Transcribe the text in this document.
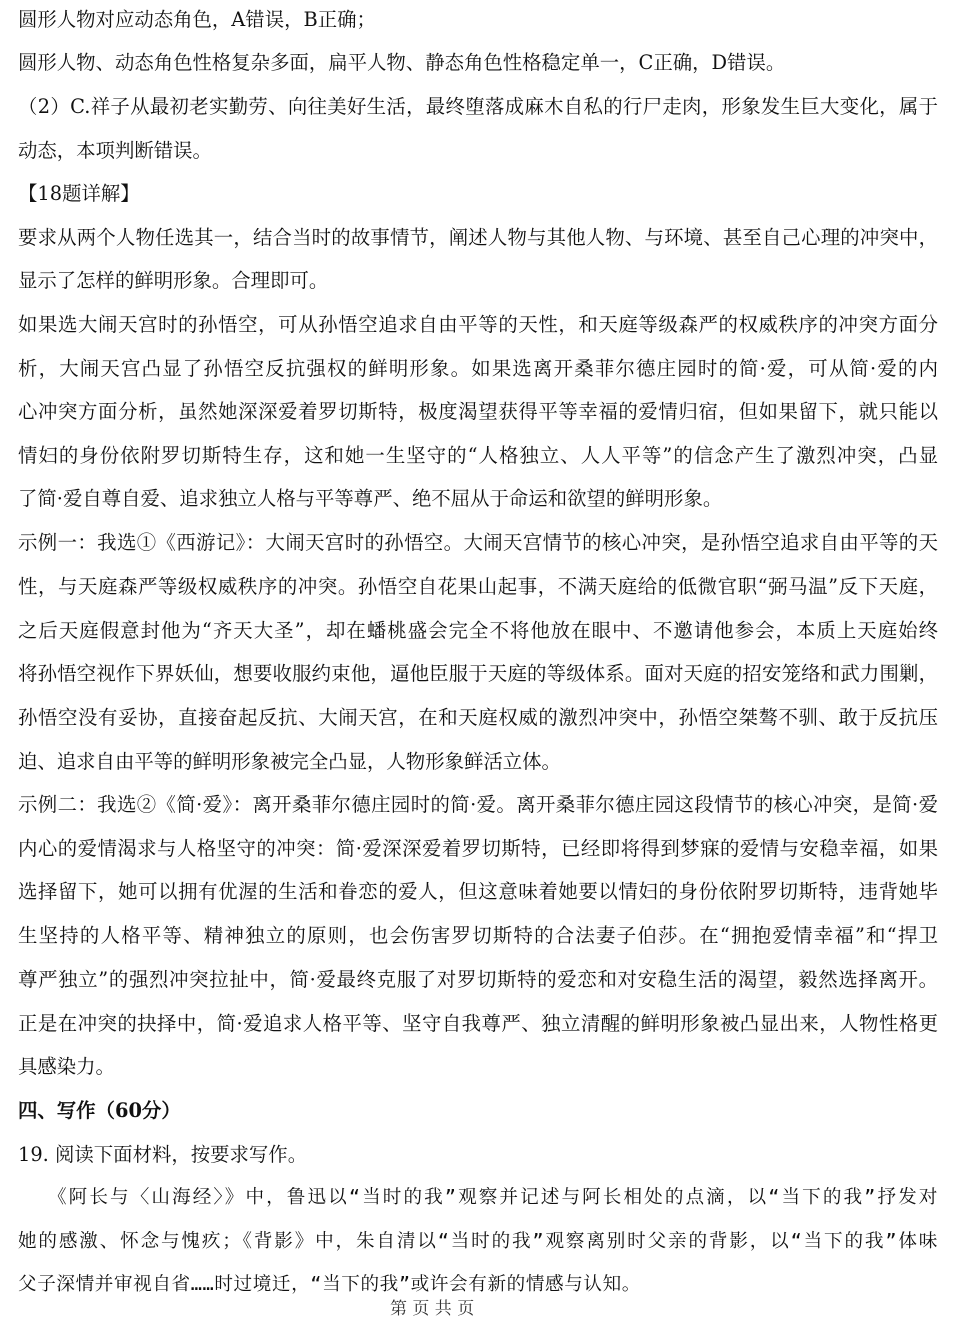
圆形人物对应动态角色，A错误，B正确；
圆形人物、动态角色性格复杂多面，扁平人物、静态角色性格稳定单一，C正确，D错误。
（2）C.祥子从最初老实勤劳、向往美好生活，最终堕落成麻木自私的行尸走肉，形象发生巨大变化，属于
动态，本项判断错误。
【18题详解】
要求从两个人物任选其一，结合当时的故事情节，阐述人物与其他人物、与环境、甚至自己心理的冲突中，
显示了怎样的鲜明形象。合理即可。
如果选大闹天宫时的孙悟空，可从孙悟空追求自由平等的天性，和天庭等级森严的权威秩序的冲突方面分
析，大闹天宫凸显了孙悟空反抗强权的鲜明形象。如果选离开桑菲尔德庄园时的简·爱，可从简·爱的内
心冲突方面分析，虽然她深深爱着罗切斯特，极度渴望获得平等幸福的爱情归宿，但如果留下，就只能以
情妇的身份依附罗切斯特生存，这和她一生坚守的“人格独立、人人平等”的信念产生了激烈冲突，凸显
了简·爱自尊自爱、追求独立人格与平等尊严、绝不屈从于命运和欲望的鲜明形象。
示例一：我选①《西游记》：大闹天宫时的孙悟空。大闹天宫情节的核心冲突，是孙悟空追求自由平等的天
性，与天庭森严等级权威秩序的冲突。孙悟空自花果山起事，不满天庭给的低微官职“弼马温”反下天庭，
之后天庭假意封他为“齐天大圣”，却在蟠桃盛会完全不将他放在眼中、不邀请他参会，本质上天庭始终
将孙悟空视作下界妖仙，想要收服约束他，逼他臣服于天庭的等级体系。面对天庭的招安笼络和武力围剿，
孙悟空没有妥协，直接奋起反抗、大闹天宫，在和天庭权威的激烈冲突中，孙悟空桀骜不驯、敢于反抗压
迫、追求自由平等的鲜明形象被完全凸显，人物形象鲜活立体。
示例二：我选②《简·爱》：离开桑菲尔德庄园时的简·爱。离开桑菲尔德庄园这段情节的核心冲突，是简·爱
内心的爱情渴求与人格坚守的冲突：简·爱深深爱着罗切斯特，已经即将得到梦寐的爱情与安稳幸福，如果
选择留下，她可以拥有优渥的生活和眷恋的爱人，但这意味着她要以情妇的身份依附罗切斯特，违背她毕
生坚持的人格平等、精神独立的原则，也会伤害罗切斯特的合法妻子伯莎。在“拥抱爱情幸福”和“捍卫
尊严独立”的强烈冲突拉扯中，简·爱最终克服了对罗切斯特的爱恋和对安稳生活的渴望，毅然选择离开。
正是在冲突的抉择中，简·爱追求人格平等、坚守自我尊严、独立清醒的鲜明形象被凸显出来，人物性格更
具感染力。
四、写作（60分）
19. 阅读下面材料，按要求写作。
《阿长与〈山海经〉》中，鲁迅以“当时的我”观察并记述与阿长相处的点滴，以“当下的我”抒发对
她的感激、怀念与愧疚；《背影》中，朱自清以“当时的我”观察离别时父亲的背影，以“当下的我”体味
父子深情并审视自省……时过境迁，“当下的我”或许会有新的情感与认知。
第 页 共 页
